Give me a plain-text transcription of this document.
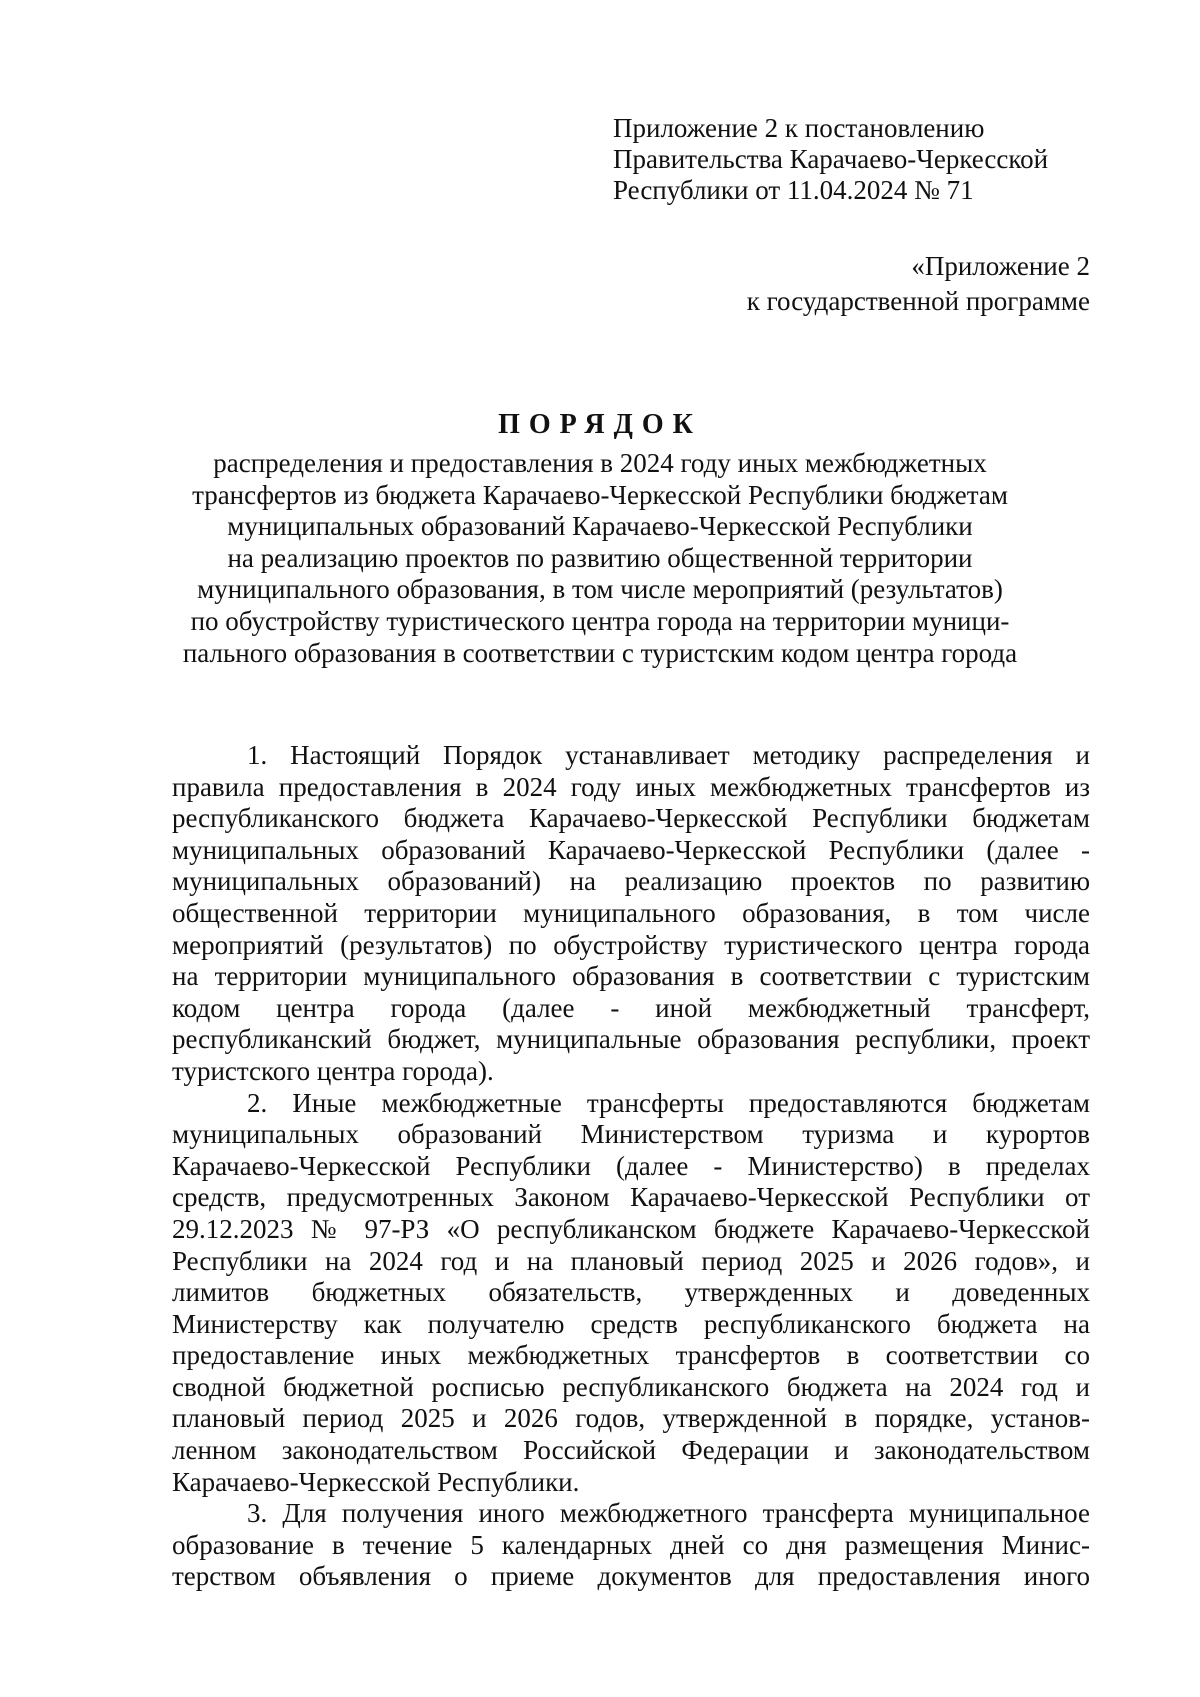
Приложение 2 к постановлению
Правительства Карачаево-Черкесской
Республики от 11.04.2024 № 71
«Приложение 2
к государственной программе
ПОРЯДОК
распределения и предоставления в 2024 году иных межбюджетных
трансфертов из бюджета Карачаево-Черкесской Республики бюджетам
муниципальных образований Карачаево-Черкесской Республики
на реализацию проектов по развитию общественной территории
муниципального образования, в том числе мероприятий (результатов)
по обустройству туристического центра города на территории муници-
пального образования в соответствии с туристским кодом центра города
1. Настоящий Порядок устанавливает методику распределения и
правила предоставления в 2024 году иных межбюджетных трансфертов из
республиканского бюджета Карачаево-Черкесской Республики бюджетам
муниципальных образований Карачаево-Черкесской Республики (далее -
муниципальных образований) на реализацию проектов по развитию
общественной территории муниципального образования, в том числе
мероприятий (результатов) по обустройству туристического центра города
на территории муниципального образования в соответствии с туристским
кодом центра города (далее - иной межбюджетный трансферт,
республиканский бюджет, муниципальные образования республики, проект
туристского центра города).
2. Иные межбюджетные трансферты предоставляются бюджетам
муниципальных образований Министерством туризма и курортов
Карачаево-Черкесской Республики (далее - Министерство) в пределах
средств, предусмотренных Законом Карачаево-Черкесской Республики от
29.12.2023 № 97-РЗ «О республиканском бюджете Карачаево-Черкесской
Республики на 2024 год и на плановый период 2025 и 2026 годов», и
лимитов бюджетных обязательств, утвержденных и доведенных
Министерству как получателю средств республиканского бюджета на
предоставление иных межбюджетных трансфертов в соответствии со
сводной бюджетной росписью республиканского бюджета на 2024 год и
плановый период 2025 и 2026 годов, утвержденной в порядке, установ-
ленном законодательством Российской Федерации и законодательством
Карачаево-Черкесской Республики.
3. Для получения иного межбюджетного трансферта муниципальное
образование в течение 5 календарных дней со дня размещения Минис-
терством объявления о приеме документов для предоставления иного
